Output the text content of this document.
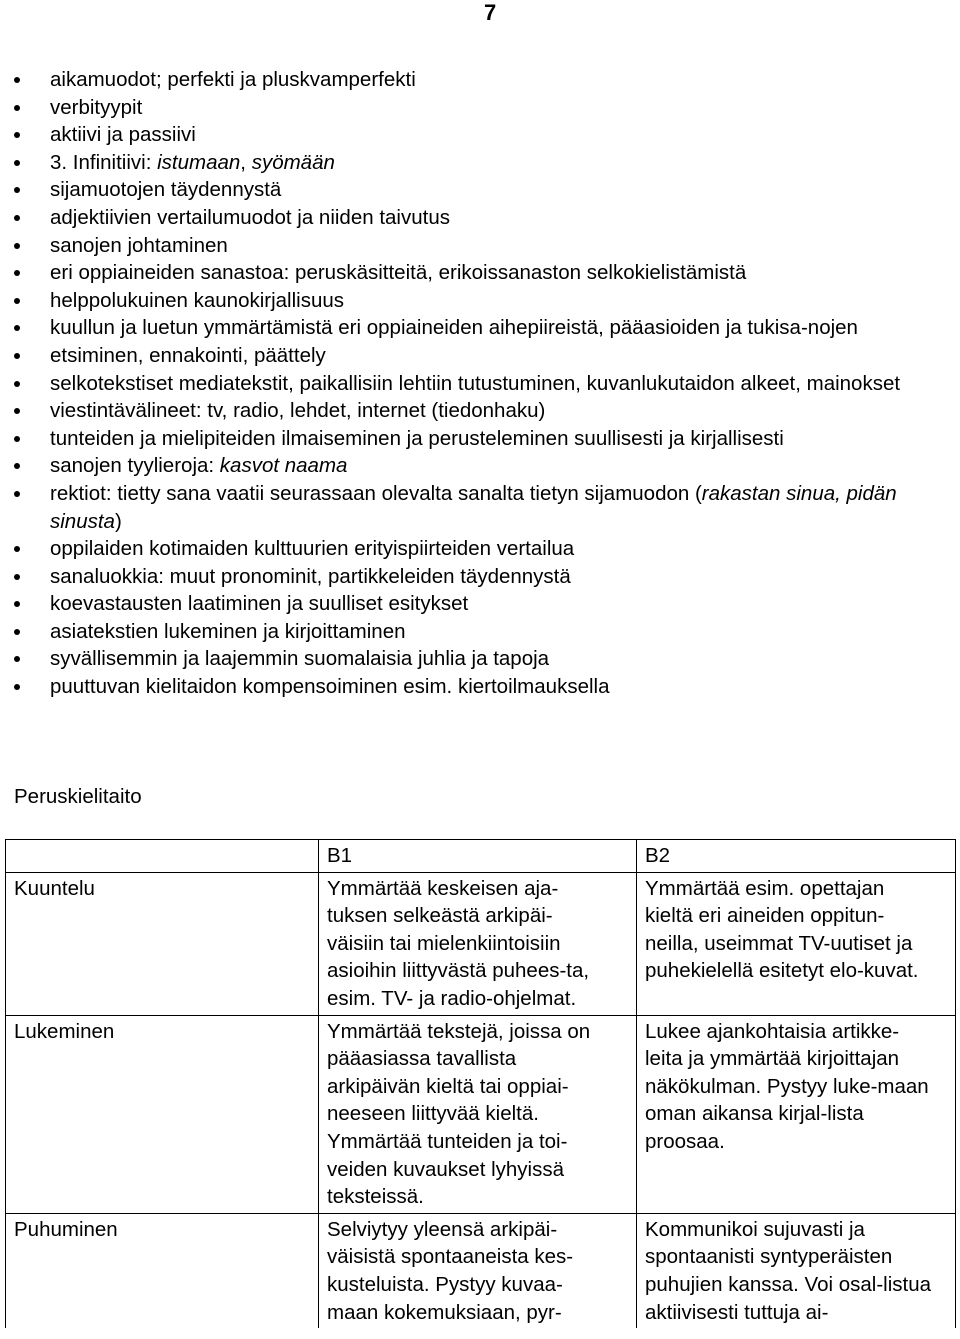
7
aikamuodot; perfekti ja pluskvamperfekti
verbityypit
aktiivi ja passiivi
3. Infinitiivi: istumaan, syömään
sijamuotojen täydennystä
adjektiivien vertailumuodot ja niiden taivutus
sanojen johtaminen
eri oppiaineiden sanastoa: peruskäsitteitä, erikoissanaston selkokielistämistä
helppolukuinen kaunokirjallisuus
kuullun ja luetun ymmärtämistä eri oppiaineiden aihepiireistä, pääasioiden ja tukisa-nojen
etsiminen, ennakointi, päättely
selkotekstiset mediatekstit, paikallisiin lehtiin tutustuminen, kuvanlukutaidon alkeet, mainokset
viestintävälineet: tv, radio, lehdet, internet (tiedonhaku)
tunteiden ja mielipiteiden ilmaiseminen ja perusteleminen suullisesti ja kirjallisesti
sanojen tyylieroja: kasvot naama
rektiot: tietty sana vaatii seurassaan olevalta sanalta tietyn sijamuodon (rakastan sinua, pidän sinusta)
oppilaiden kotimaiden kulttuurien erityispiirteiden vertailua
sanaluokkia: muut pronominit, partikkeleiden täydennystä
koevastausten laatiminen ja suulliset esitykset
asiatekstien lukeminen ja kirjoittaminen
syvällisemmin ja laajemmin suomalaisia juhlia ja tapoja
puuttuvan kielitaidon kompensoiminen esim. kiertoilmauksella
Peruskielitaito
	B1	B2
Kuuntelu	Ymmärtää keskeisen aja-tuksen selkeästä arkipäi-väisiin tai mielenkiintoisiin asioihin liittyvästä puhees-ta, esim. TV- ja radio-ohjelmat.	Ymmärtää esim. opettajan kieltä eri aineiden oppitun-neilla, useimmat TV-uutiset ja puhekielellä esitetyt elo-kuvat.

Lukeminen	Ymmärtää tekstejä, joissa on pääasiassa tavallista arkipäivän kieltä tai oppiai-neeseen liittyvää kieltä. Ymmärtää tunteiden ja toi-veiden kuvaukset lyhyissä teksteissä.	Lukee ajankohtaisia artikke-leita ja ymmärtää kirjoittajan näkökulman. Pystyy luke-maan oman aikansa kirjal-lista proosaa.

Puhuminen	Selviytyy yleensä arkipäi-väisistä spontaaneista kes-kusteluista. Pystyy kuvaa-maan kokemuksiaan, pyr-	Kommunikoi sujuvasti ja spontaanisti syntyperäisten puhujien kanssa. Voi osal-listua aktiivisesti tuttuja ai-
